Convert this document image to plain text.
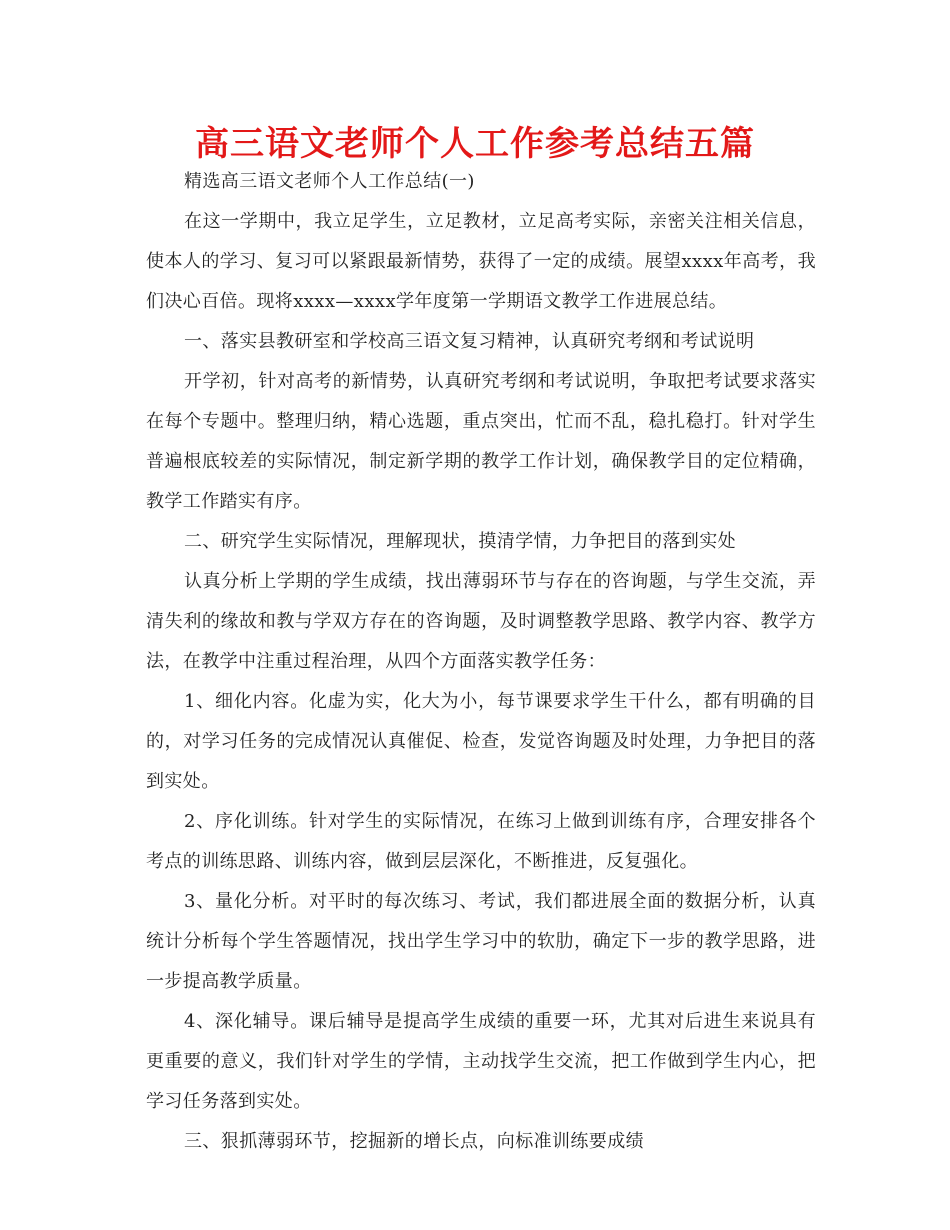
高三语文老师个人工作参考总结五篇

精选高三语文老师个人工作总结(一)

在这一学期中，我立足学生，立足教材，立足高考实际，亲密关注相关信息，使本人的学习、复习可以紧跟最新情势，获得了一定的成绩。展望xxxx年高考，我们决心百倍。现将xxxx—xxxx学年度第一学期语文教学工作进展总结。

一、落实县教研室和学校高三语文复习精神，认真研究考纲和考试说明

开学初，针对高考的新情势，认真研究考纲和考试说明，争取把考试要求落实在每个专题中。整理归纳，精心选题，重点突出，忙而不乱，稳扎稳打。针对学生普遍根底较差的实际情况，制定新学期的教学工作计划，确保教学目的定位精确，教学工作踏实有序。

二、研究学生实际情况，理解现状，摸清学情，力争把目的落到实处

认真分析上学期的学生成绩，找出薄弱环节与存在的咨询题，与学生交流，弄清失利的缘故和教与学双方存在的咨询题，及时调整教学思路、教学内容、教学方法，在教学中注重过程治理，从四个方面落实教学任务：

1、细化内容。化虚为实，化大为小，每节课要求学生干什么，都有明确的目的，对学习任务的完成情况认真催促、检查，发觉咨询题及时处理，力争把目的落到实处。

2、序化训练。针对学生的实际情况，在练习上做到训练有序，合理安排各个考点的训练思路、训练内容，做到层层深化，不断推进，反复强化。

3、量化分析。对平时的每次练习、考试，我们都进展全面的数据分析，认真统计分析每个学生答题情况，找出学生学习中的软肋，确定下一步的教学思路，进一步提高教学质量。

4、深化辅导。课后辅导是提高学生成绩的重要一环，尤其对后进生来说具有更重要的意义，我们针对学生的学情，主动找学生交流，把工作做到学生内心，把学习任务落到实处。

三、狠抓薄弱环节，挖掘新的增长点，向标准训练要成绩
